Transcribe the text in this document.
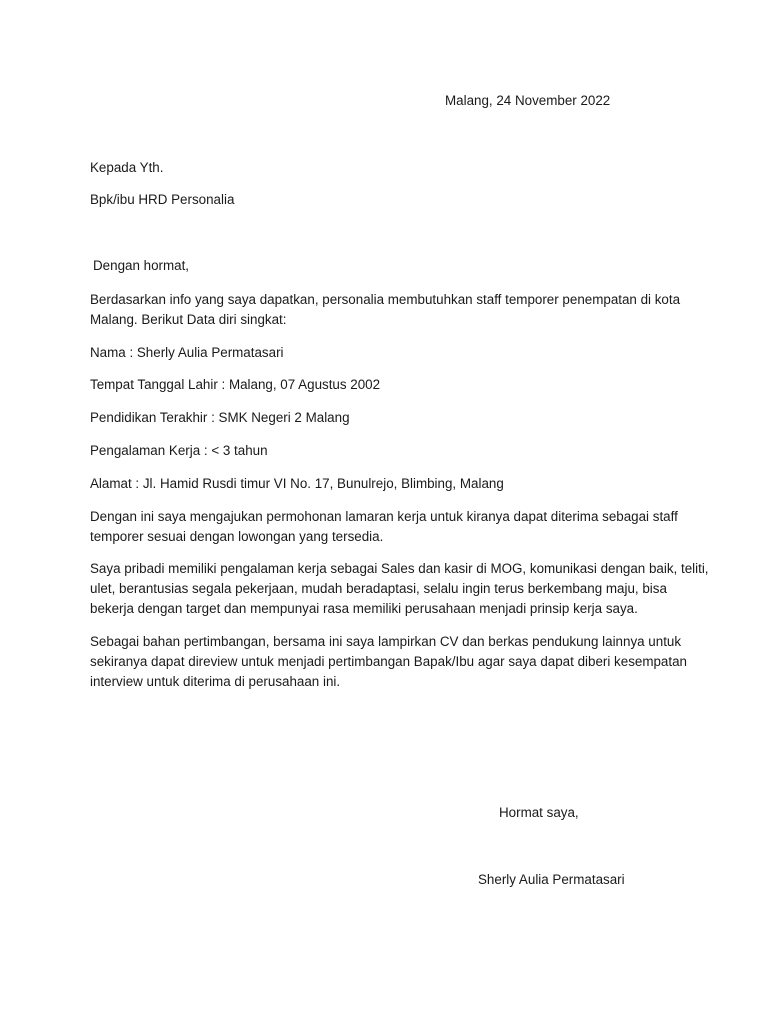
Malang, 24 November 2022
Kepada Yth.
Bpk/ibu HRD Personalia
Dengan hormat,

Berdasarkan info yang saya dapatkan, personalia membutuhkan staff temporer penempatan di kota

Malang. Berikut Data diri singkat:

Nama : Sherly Aulia Permatasari
Tempat Tanggal Lahir : Malang, 07 Agustus 2002
Pendidikan Terakhir : SMK Negeri 2 Malang
Pengalaman Kerja : < 3 tahun
Alamat : Jl. Hamid Rusdi timur VI No. 17, Bunulrejo, Blimbing, Malang

Dengan ini saya mengajukan permohonan lamaran kerja untuk kiranya dapat diterima sebagai staff

temporer sesuai dengan lowongan yang tersedia.

Saya pribadi memiliki pengalaman kerja sebagai Sales dan kasir di MOG, komunikasi dengan baik, teliti,

ulet, berantusias segala pekerjaan, mudah beradaptasi, selalu ingin terus berkembang maju, bisa

bekerja dengan target dan mempunyai rasa memiliki perusahaan menjadi prinsip kerja saya.

Sebagai bahan pertimbangan, bersama ini saya lampirkan CV dan berkas pendukung lainnya untuk

sekiranya dapat direview untuk menjadi pertimbangan Bapak/Ibu agar saya dapat diberi kesempatan

interview untuk diterima di perusahaan ini.

Hormat saya,
Sherly Aulia Permatasari
